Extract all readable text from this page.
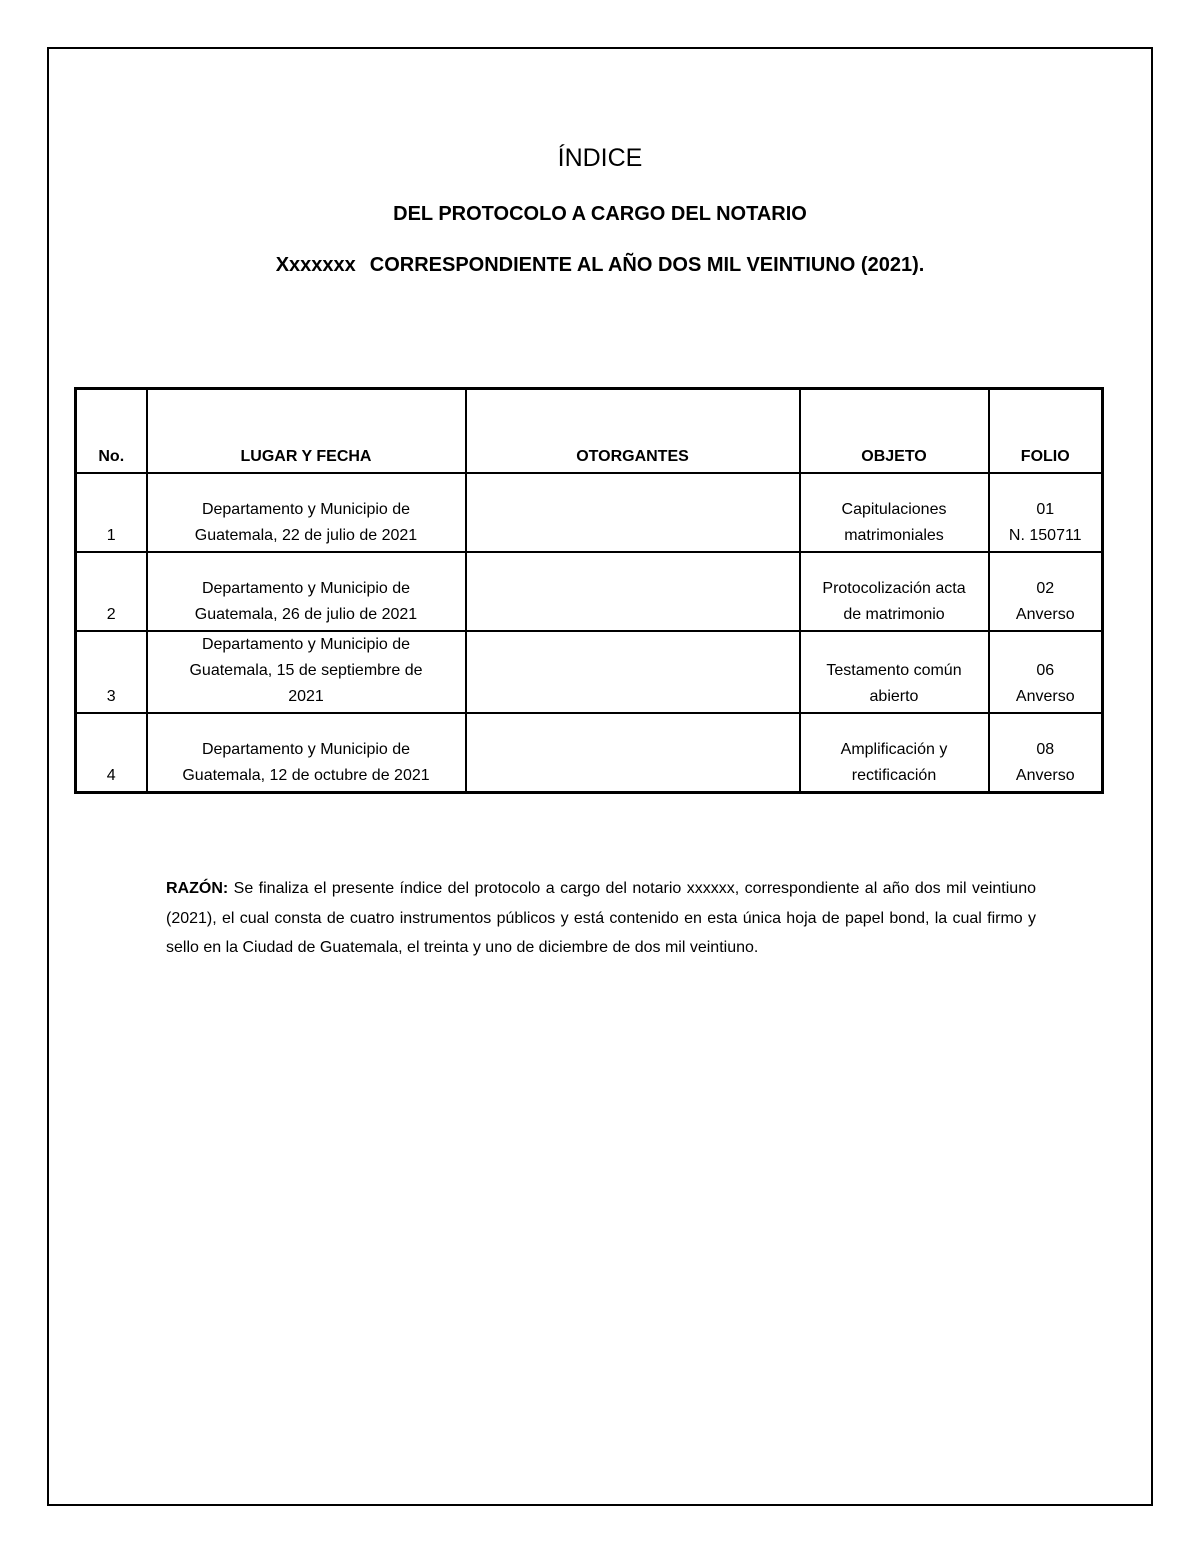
ÍNDICE
DEL PROTOCOLO A CARGO DEL NOTARIO
Xxxxxxx CORRESPONDIENTE AL AÑO DOS MIL VEINTIUNO (2021).
No.	LUGAR Y FECHA	OTORGANTES	OBJETO	FOLIO
1	Departamento y Municipio de
Guatemala, 22 de julio de 2021		Capitulaciones
matrimoniales	01
N. 150711

2	Departamento y Municipio de
Guatemala, 26 de julio de 2021		Protocolización acta
de matrimonio	02
Anverso

3	Departamento y Municipio de
Guatemala, 15 de septiembre de
2021		Testamento común
abierto	06
Anverso

4	Departamento y Municipio de
Guatemala, 12 de octubre de 2021		Amplificación y
rectificación	08
Anverso
RAZÓN: Se finaliza el presente índice del protocolo a cargo del notario xxxxxx, correspondiente al año dos mil veintiuno (2021), el cual consta de cuatro instrumentos públicos y está contenido en esta única hoja de papel bond, la cual firmo y sello en la Ciudad de Guatemala, el treinta y uno de diciembre de dos mil veintiuno.
